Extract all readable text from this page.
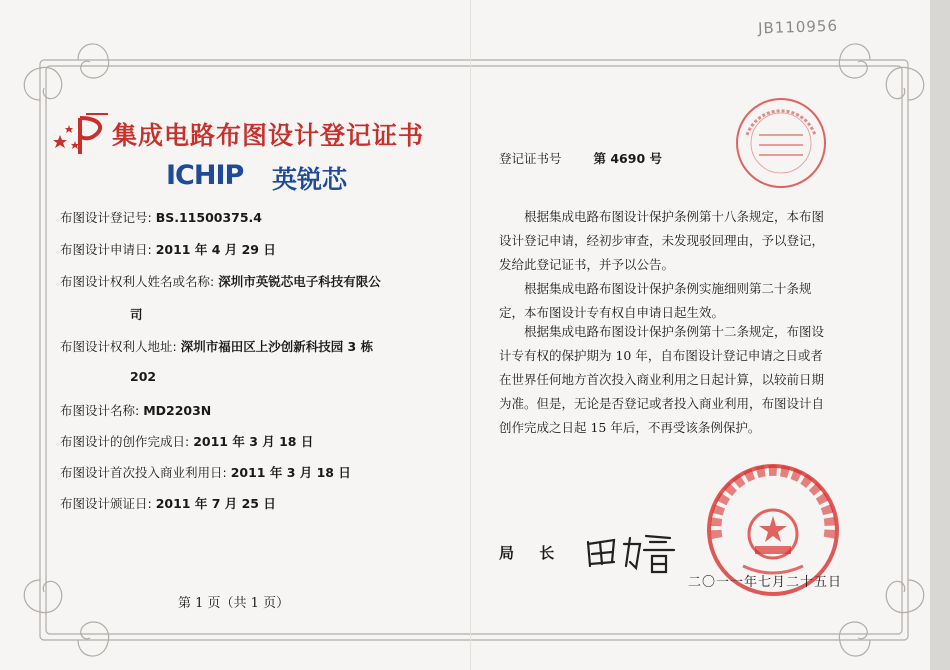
JB110956
集成电路布图设计登记证书
ICHIP 英锐芯
布图设计登记号: BS.11500375.4
布图设计申请日: 2011 年 4 月 29 日
布图设计权利人姓名或名称: 深圳市英锐芯电子科技有限公
司
布图设计权利人地址: 深圳市福田区上沙创新科技园 3 栋
202
布图设计名称: MD2203N
布图设计的创作完成日: 2011 年 3 月 18 日
布图设计首次投入商业利用日: 2011 年 3 月 18 日
布图设计颁证日: 2011 年 7 月 25 日
第 1 页（共 1 页）
登记证书号	第 4690 号

　　根据集成电路布图设计保护条例第十八条规定，本布图

设计登记申请，经初步审查，未发现驳回理由，予以登记，

发给此登记证书，并予以公告。

　　根据集成电路布图设计保护条例实施细则第二十条规

定，本布图设计专有权自申请日起生效。

　　根据集成电路布图设计保护条例第十二条规定，布图设

计专有权的保护期为 10 年，自布图设计登记申请之日或者

在世界任何地方首次投入商业利用之日起计算，以较前日期

为准。但是，无论是否登记或者投入商业利用，布图设计自

创作完成之日起 15 年后，不再受该条例保护。

局 长
二〇一一年七月二十五日
